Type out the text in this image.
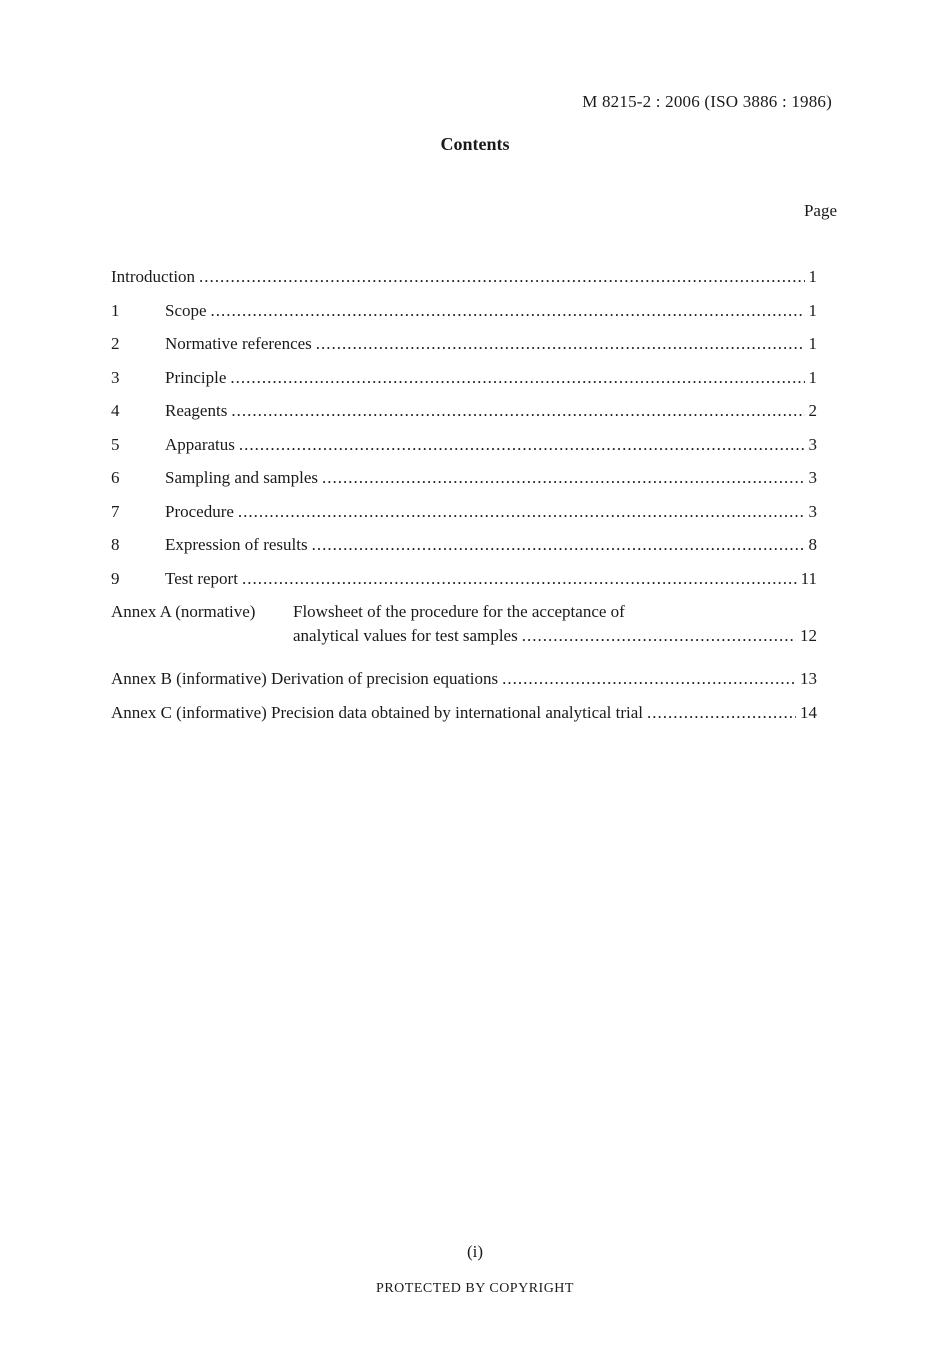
M 8215-2 : 2006 (ISO 3886 : 1986)
Contents
Page
Introduction .....	1
1	Scope .....	1
2	Normative references .....	1
3	Principle .....	1
4	Reagents .....	2
5	Apparatus .....	3
6	Sampling and samples .....	3
7	Procedure .....	3
8	Expression of results .....	8
9	Test report .....	11
Annex A (normative)	Flowsheet of the procedure for the acceptance of
analytical values for test samples .....	12
Annex B (informative) Derivation of precision equations .....	13
Annex C (informative) Precision data obtained by international analytical trial .....	14
(i)
PROTECTED BY COPYRIGHT
